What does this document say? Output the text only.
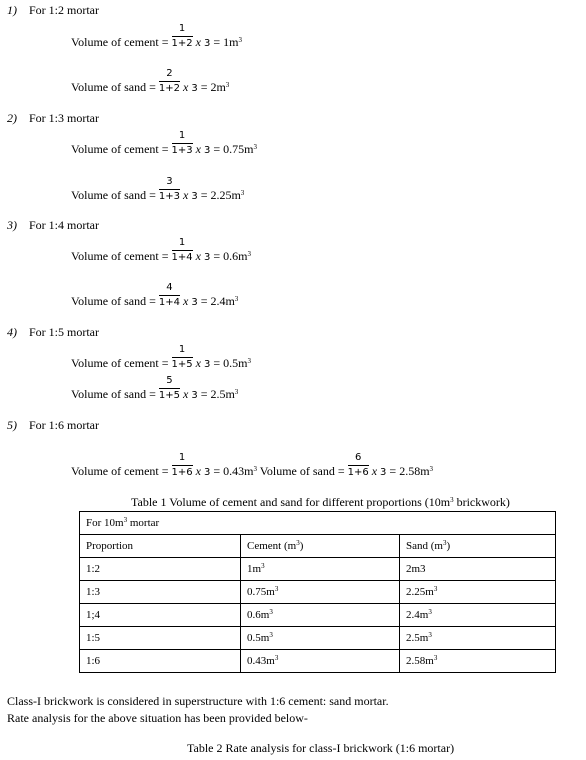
1) For 1:2 mortar
Volume of cement = $\frac{1}{1+2}$ x $3 = 1m^3$
Volume of sand = $\frac{2}{1+2}$ x $3 = 2m^3$
2) For 1:3 mortar
Volume of cement = $\frac{1}{1+3}$ x $3 = 0.75m^3$
Volume of sand = $\frac{3}{1+3}$ x $3 = 2.25m^3$
3) For 1:4 mortar
Volume of cement = $\frac{1}{1+4}$ x $3 = 0.6m^3$
Volume of sand = $\frac{4}{1+4}$ x $3 = 2.4m^3$
4) For 1:5 mortar
Volume of cement = $\frac{1}{1+5}$ x $3 = 0.5m^3$
Volume of sand = $\frac{5}{1+5}$ x $3 = 2.5m^3$
5) For 1:6 mortar
Volume of cement = $\frac{1}{1+6}$ x $3 = 0.43m^3$ Volume of sand = $\frac{6}{1+6}$ x $3 = 2.58m^3$
Table 1 Volume of cement and sand for different proportions ($10m^3$ brickwork)
For $10m^3$ mortar		
Proportion	Cement $(m^3)$	Sand $(m^3)$
1:2	$1m^3$	2m3
1:3	$0.75m^3$	$2.25m^3$
1;4	$0.6m^3$	$2.4m^3$
1:5	$0.5m^3$	$2.5m^3$
1:6	$0.43m^3$	$2.58m^3$
Class-I brickwork is considered in superstructure with 1:6 cement: sand mortar.
Rate analysis for the above situation has been provided below-
Table 2 Rate analysis for class-I brickwork (1:6 mortar)
